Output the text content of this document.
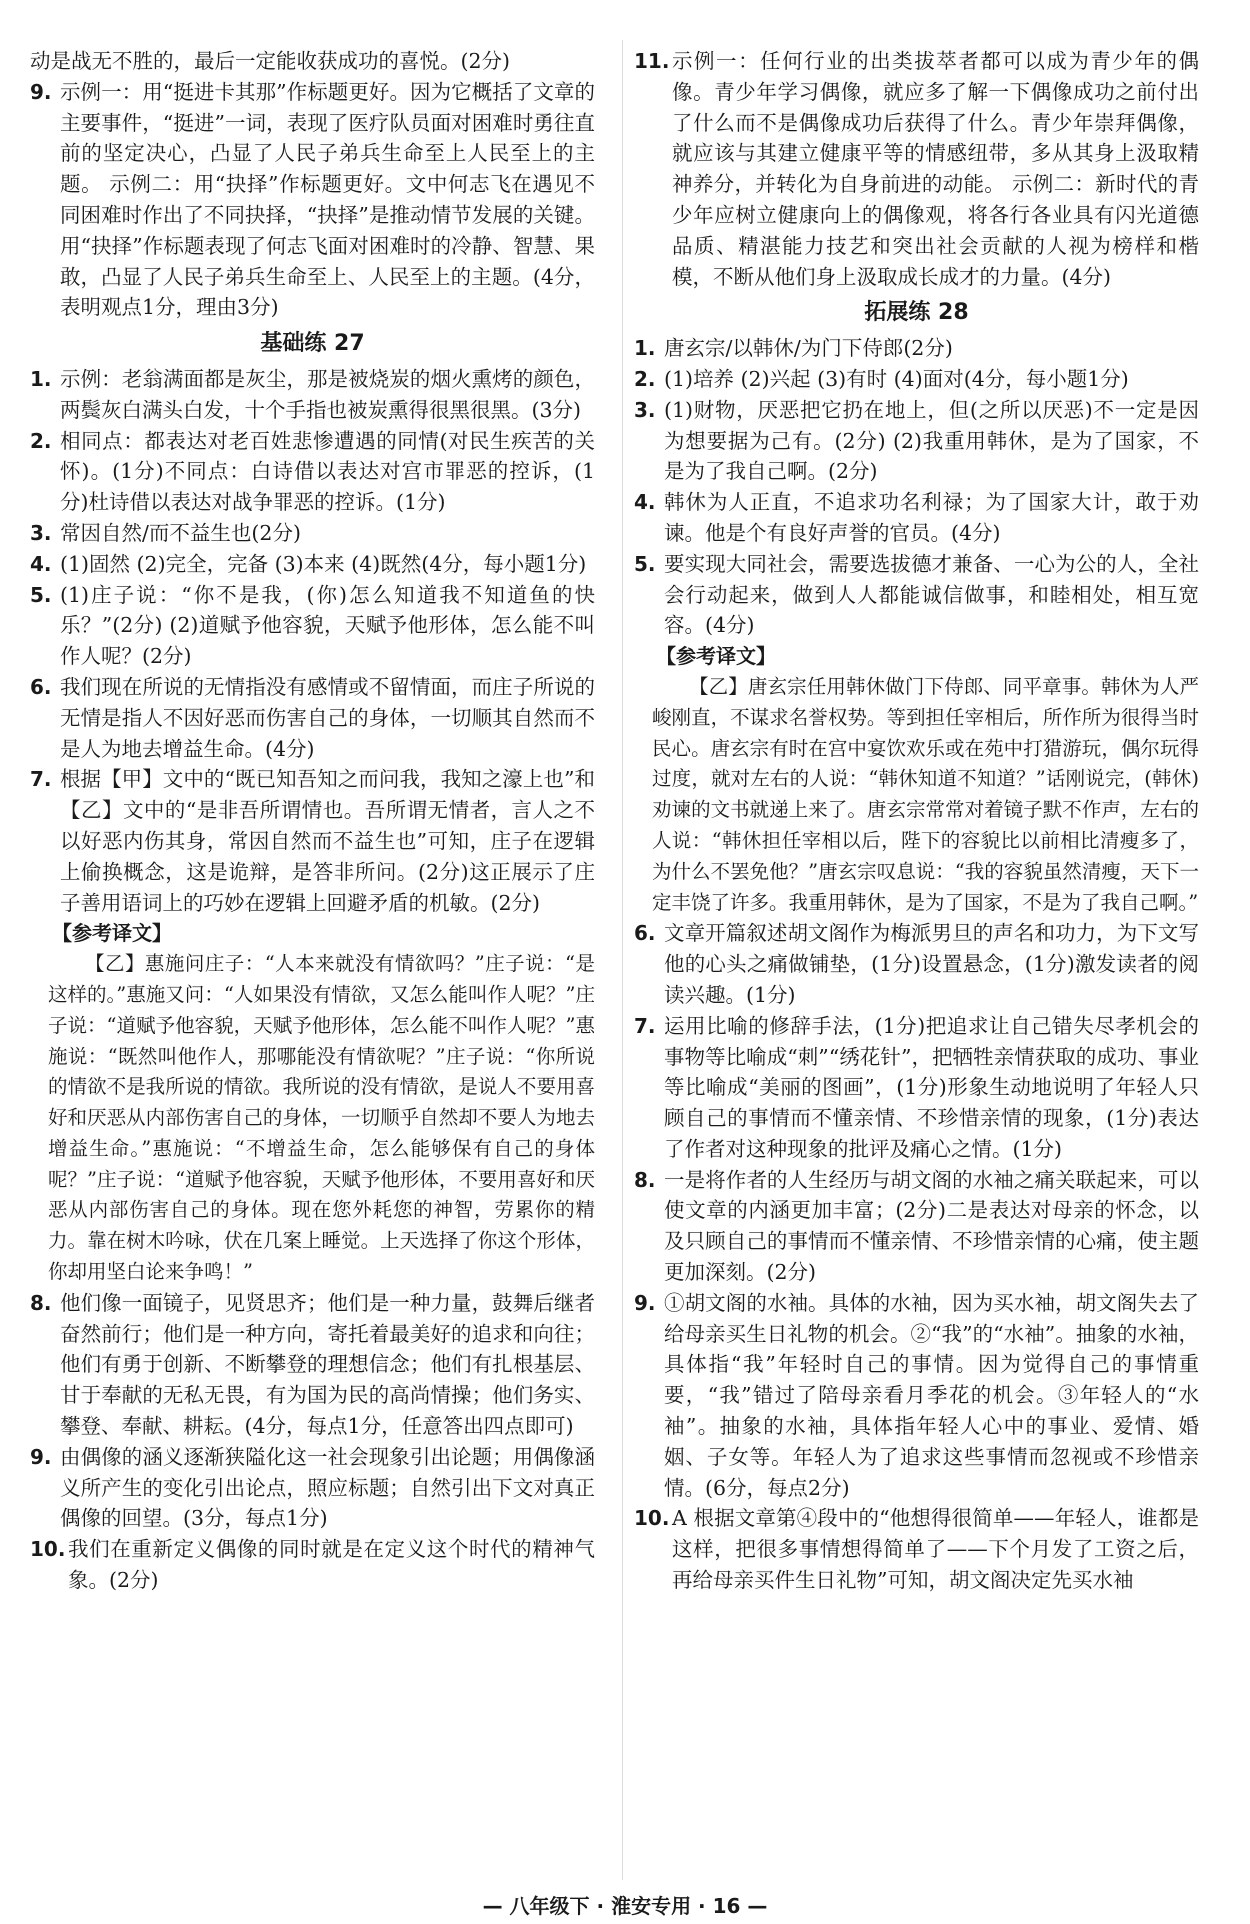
动是战无不胜的，最后一定能收获成功的喜悦。(2分)
9. 示例一：用“挺进卡其那”作标题更好。因为它概括了文章的主要事件，“挺进”一词，表现了医疗队员面对困难时勇往直前的坚定决心，凸显了人民子弟兵生命至上人民至上的主题。 示例二：用“抉择”作标题更好。文中何志飞在遇见不同困难时作出了不同抉择，“抉择”是推动情节发展的关键。用“抉择”作标题表现了何志飞面对困难时的冷静、智慧、果敢，凸显了人民子弟兵生命至上、人民至上的主题。(4分，表明观点1分，理由3分)
基础练 27
1. 示例：老翁满面都是灰尘，那是被烧炭的烟火熏烤的颜色，两鬓灰白满头白发，十个手指也被炭熏得很黑很黑。(3分)
2. 相同点：都表达对老百姓悲惨遭遇的同情(对民生疾苦的关怀)。(1分)不同点：白诗借以表达对宫市罪恶的控诉，(1分)杜诗借以表达对战争罪恶的控诉。(1分)
3. 常因自然/而不益生也(2分)
4. (1)固然 (2)完全，完备 (3)本来 (4)既然(4分，每小题1分)
5. (1)庄子说：“你不是我，(你)怎么知道我不知道鱼的快乐？”(2分) (2)道赋予他容貌，天赋予他形体，怎么能不叫作人呢？(2分)
6. 我们现在所说的无情指没有感情或不留情面，而庄子所说的无情是指人不因好恶而伤害自己的身体，一切顺其自然而不是人为地去增益生命。(4分)
7. 根据【甲】文中的“既已知吾知之而问我，我知之濠上也”和【乙】文中的“是非吾所谓情也。吾所谓无情者，言人之不以好恶内伤其身，常因自然而不益生也”可知，庄子在逻辑上偷换概念，这是诡辩，是答非所问。(2分)这正展示了庄子善用语词上的巧妙在逻辑上回避矛盾的机敏。(2分)
【参考译文】
【乙】惠施问庄子：“人本来就没有情欲吗？”庄子说：“是这样的。”惠施又问：“人如果没有情欲，又怎么能叫作人呢？”庄子说：“道赋予他容貌，天赋予他形体，怎么能不叫作人呢？”惠施说：“既然叫他作人，那哪能没有情欲呢？”庄子说：“你所说的情欲不是我所说的情欲。我所说的没有情欲，是说人不要用喜好和厌恶从内部伤害自己的身体，一切顺乎自然却不要人为地去增益生命。”惠施说：“不增益生命，怎么能够保有自己的身体呢？”庄子说：“道赋予他容貌，天赋予他形体，不要用喜好和厌恶从内部伤害自己的身体。现在您外耗您的神智，劳累你的精力。靠在树木吟咏，伏在几案上睡觉。上天选择了你这个形体，你却用坚白论来争鸣！”
8. 他们像一面镜子，见贤思齐；他们是一种力量，鼓舞后继者奋然前行；他们是一种方向，寄托着最美好的追求和向往；他们有勇于创新、不断攀登的理想信念；他们有扎根基层、甘于奉献的无私无畏，有为国为民的高尚情操；他们务实、攀登、奉献、耕耘。(4分，每点1分，任意答出四点即可)
9. 由偶像的涵义逐渐狭隘化这一社会现象引出论题；用偶像涵义所产生的变化引出论点，照应标题；自然引出下文对真正偶像的回望。(3分，每点1分)
10. 我们在重新定义偶像的同时就是在定义这个时代的精神气象。(2分)
11. 示例一：任何行业的出类拔萃者都可以成为青少年的偶像。青少年学习偶像，就应多了解一下偶像成功之前付出了什么而不是偶像成功后获得了什么。青少年崇拜偶像，就应该与其建立健康平等的情感纽带，多从其身上汲取精神养分，并转化为自身前进的动能。 示例二：新时代的青少年应树立健康向上的偶像观，将各行各业具有闪光道德品质、精湛能力技艺和突出社会贡献的人视为榜样和楷模，不断从他们身上汲取成长成才的力量。(4分)
拓展练 28
1. 唐玄宗/以韩休/为门下侍郎(2分)
2. (1)培养 (2)兴起 (3)有时 (4)面对(4分，每小题1分)
3. (1)财物，厌恶把它扔在地上，但(之所以厌恶)不一定是因为想要据为己有。(2分) (2)我重用韩休，是为了国家，不是为了我自己啊。(2分)
4. 韩休为人正直，不追求功名利禄；为了国家大计，敢于劝谏。他是个有良好声誉的官员。(4分)
5. 要实现大同社会，需要选拔德才兼备、一心为公的人，全社会行动起来，做到人人都能诚信做事，和睦相处，相互宽容。(4分)
【参考译文】
【乙】唐玄宗任用韩休做门下侍郎、同平章事。韩休为人严峻刚直，不谋求名誉权势。等到担任宰相后，所作所为很得当时民心。唐玄宗有时在宫中宴饮欢乐或在苑中打猎游玩，偶尔玩得过度，就对左右的人说：“韩休知道不知道？”话刚说完，(韩休)劝谏的文书就递上来了。唐玄宗常常对着镜子默不作声，左右的人说：“韩休担任宰相以后，陛下的容貌比以前相比清瘦多了，为什么不罢免他？”唐玄宗叹息说：“我的容貌虽然清瘦，天下一定丰饶了许多。我重用韩休，是为了国家，不是为了我自己啊。”
6. 文章开篇叙述胡文阁作为梅派男旦的声名和功力，为下文写他的心头之痛做铺垫，(1分)设置悬念，(1分)激发读者的阅读兴趣。(1分)
7. 运用比喻的修辞手法，(1分)把追求让自己错失尽孝机会的事物等比喻成“刺”“绣花针”，把牺牲亲情获取的成功、事业等比喻成“美丽的图画”，(1分)形象生动地说明了年轻人只顾自己的事情而不懂亲情、不珍惜亲情的现象，(1分)表达了作者对这种现象的批评及痛心之情。(1分)
8. 一是将作者的人生经历与胡文阁的水袖之痛关联起来，可以使文章的内涵更加丰富；(2分)二是表达对母亲的怀念，以及只顾自己的事情而不懂亲情、不珍惜亲情的心痛，使主题更加深刻。(2分)
9. ①胡文阁的水袖。具体的水袖，因为买水袖，胡文阁失去了给母亲买生日礼物的机会。②“我”的“水袖”。抽象的水袖，具体指“我”年轻时自己的事情。因为觉得自己的事情重要，“我”错过了陪母亲看月季花的机会。③年轻人的“水袖”。抽象的水袖，具体指年轻人心中的事业、爱情、婚姻、子女等。年轻人为了追求这些事情而忽视或不珍惜亲情。(6分，每点2分)
10. A 根据文章第④段中的“他想得很简单——年轻人，谁都是这样，把很多事情想得简单了——下个月发了工资之后，再给母亲买件生日礼物”可知，胡文阁决定先买水袖
— 八年级下 · 淮安专用 · 16 —
